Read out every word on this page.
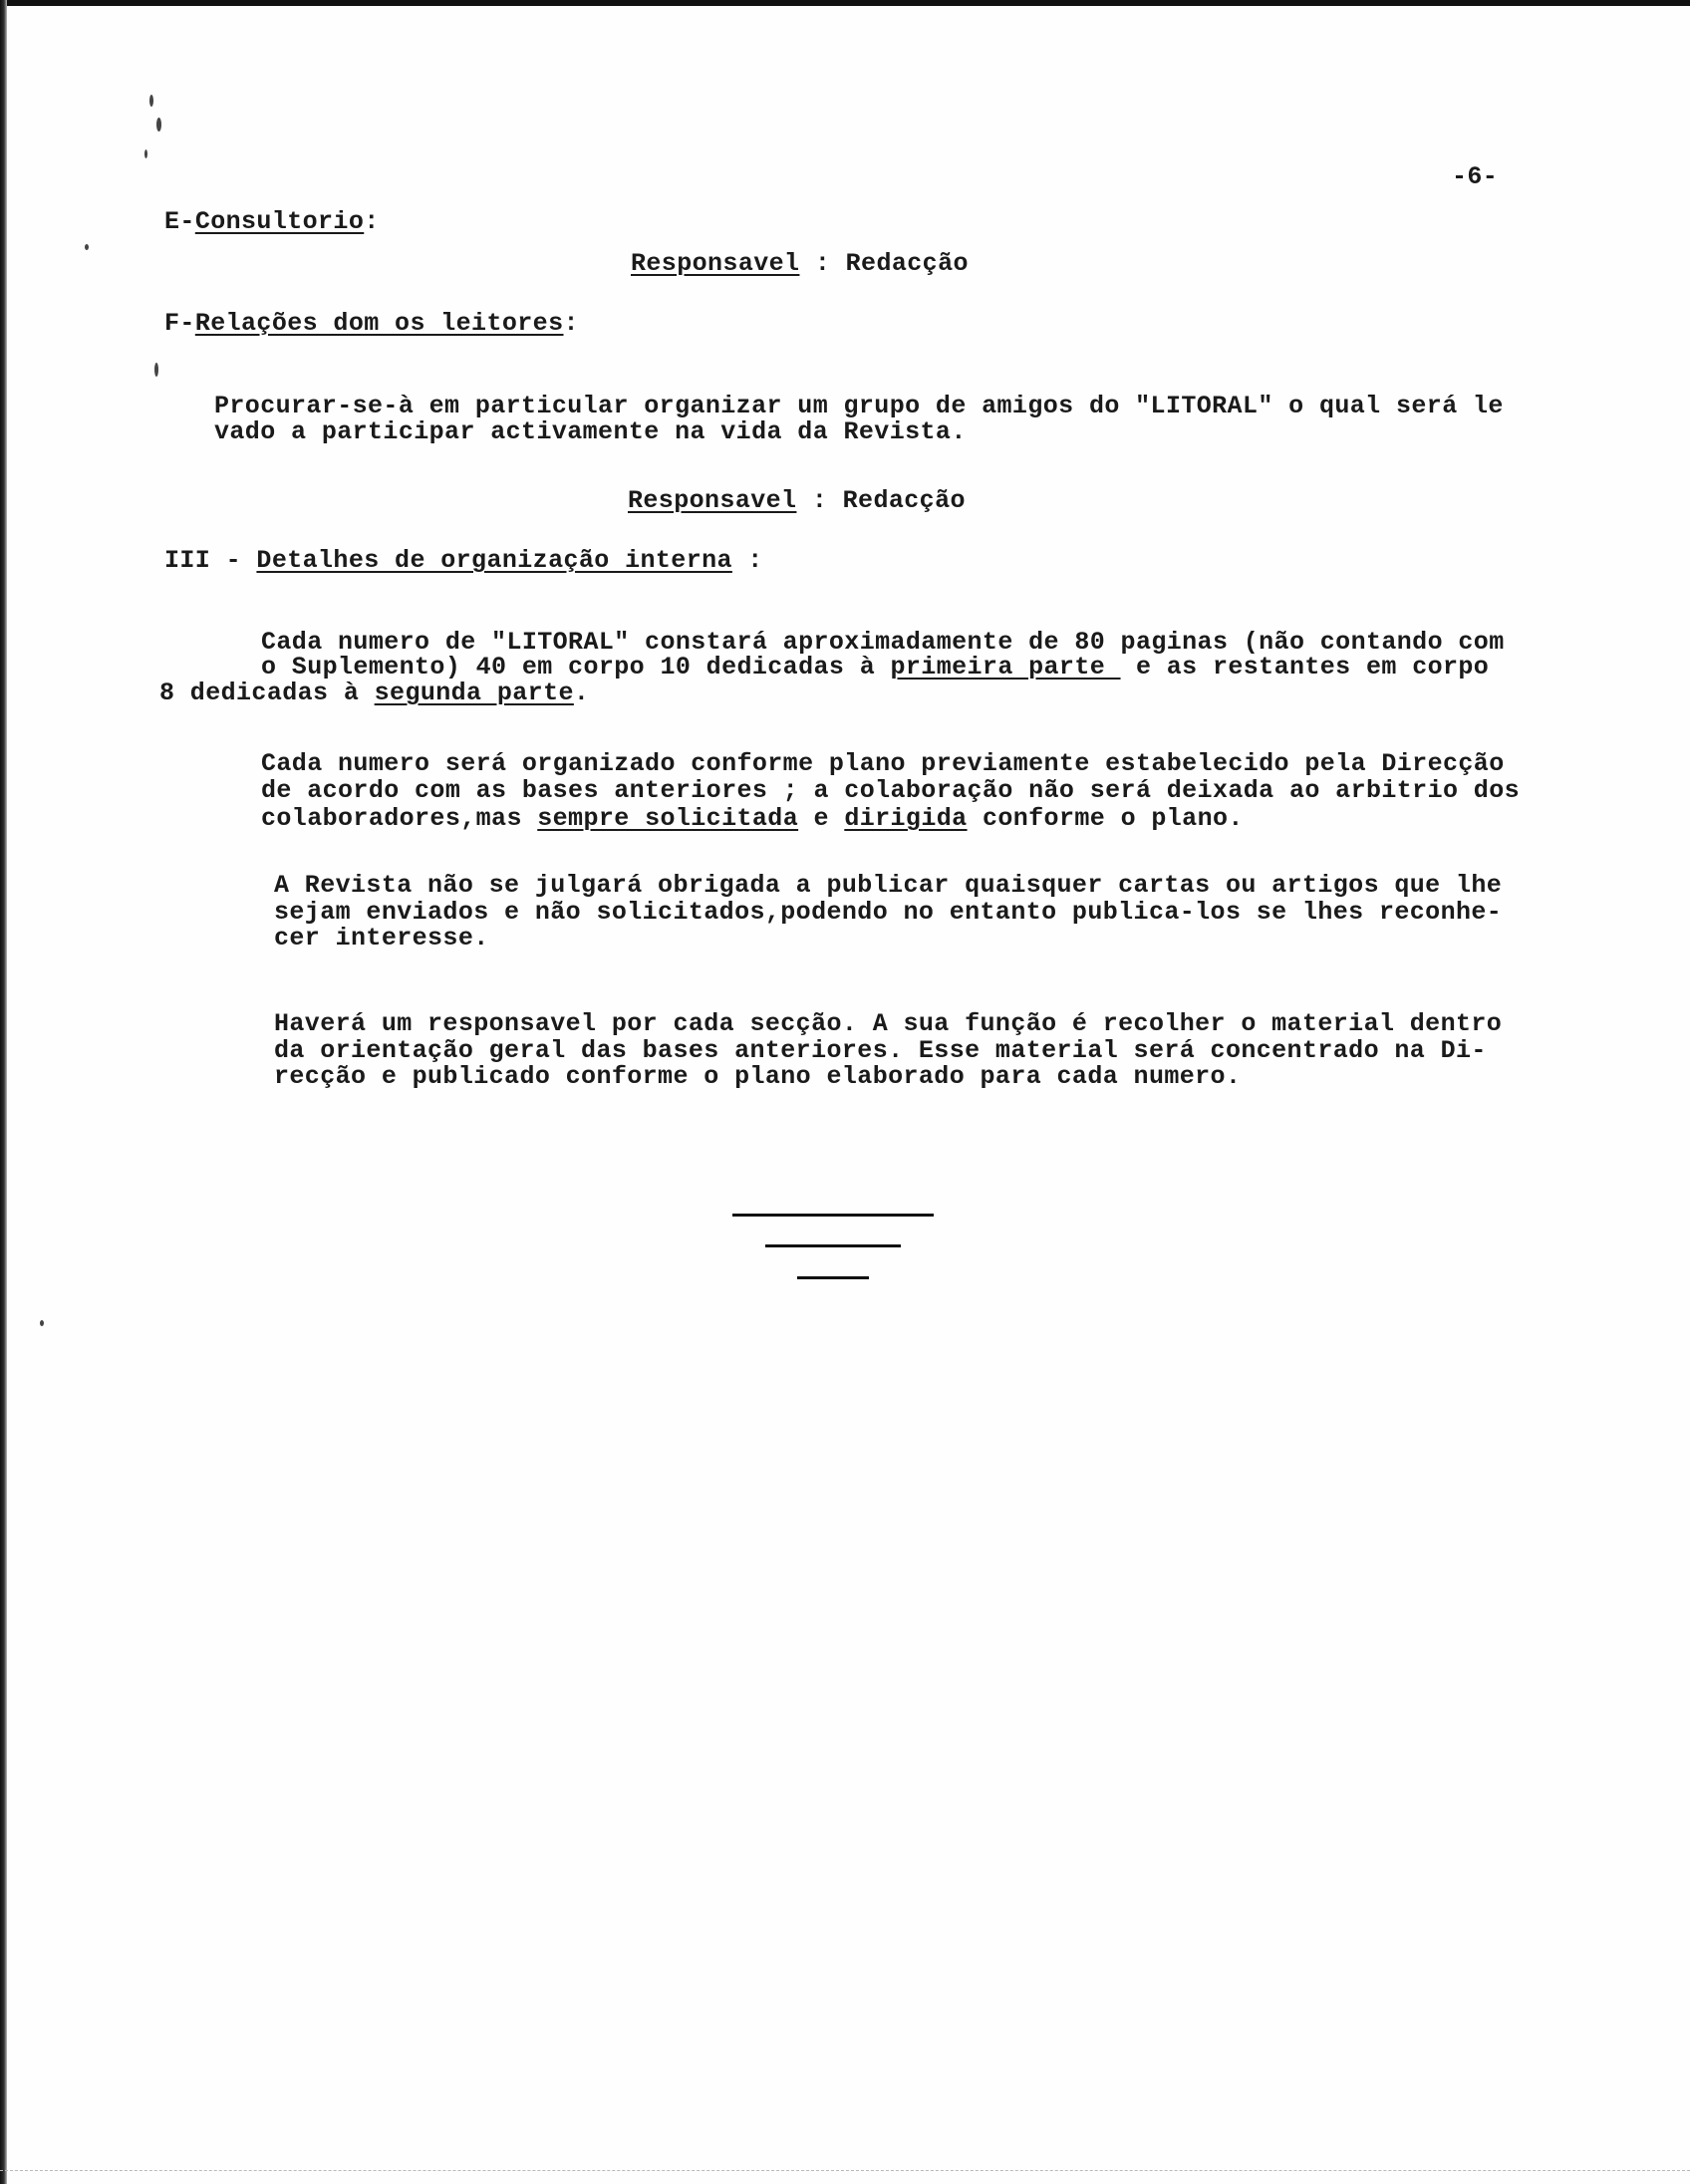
-6-
E-Consultorio:
Responsavel : Redacção
F-Relações dom os leitores:
Procurar-se-à em particular organizar um grupo de amigos do "LITORAL" o qual será le
vado a participar activamente na vida da Revista.
Responsavel : Redacção
III - Detalhes de organização interna :
Cada numero de "LITORAL" constará aproximadamente de 80 paginas (não contando com
o Suplemento) 40 em corpo 10 dedicadas à primeira parte  e as restantes em corpo
8 dedicadas à segunda parte.
Cada numero será organizado conforme plano previamente estabelecido pela Direcção
de acordo com as bases anteriores ; a colaboração não será deixada ao arbitrio dos
colaboradores,mas sempre solicitada e dirigida conforme o plano.
A Revista não se julgará obrigada a publicar quaisquer cartas ou artigos que lhe
sejam enviados e não solicitados,podendo no entanto publica-los se lhes reconhe-
cer interesse.
Haverá um responsavel por cada secção. A sua função é recolher o material dentro
da orientação geral das bases anteriores. Esse material será concentrado na Di-
recção e publicado conforme o plano elaborado para cada numero.
